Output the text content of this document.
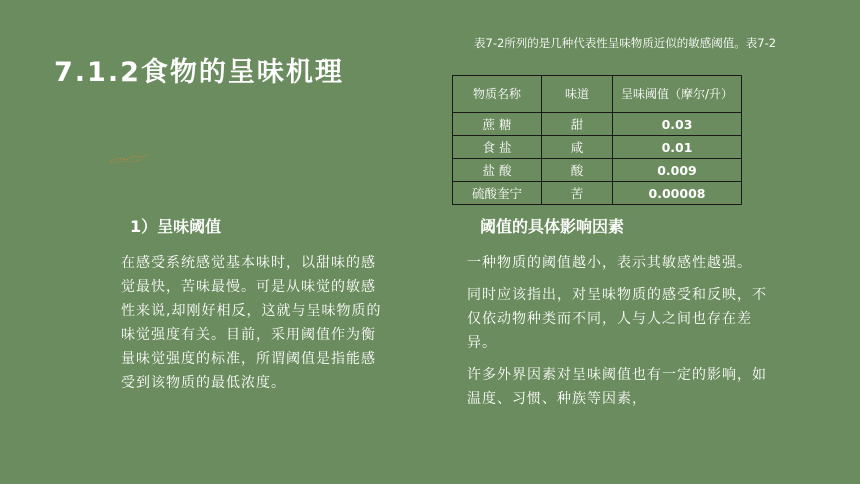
7.1.2食物的呈味机理
表7-2所列的是几种代表性呈味物质近似的敏感阈值。表7-2
物质名称	味道	呈味阈值（摩尔/升）
蔗 糖	甜	0.03
食 盐	咸	0.01
盐 酸	酸	0.009
硫酸奎宁	苦	0.00008
1）呈味阈值

在感受系统感觉基本味时，以甜味的感觉最快，苦味最慢。可是从味觉的敏感性来说,却刚好相反，这就与呈味物质的味觉强度有关。目前，采用阈值作为衡量味觉强度的标准，所谓阈值是指能感受到该物质的最低浓度。

阈值的具体影响因素

一种物质的阈值越小，表示其敏感性越强。

同时应该指出，对呈味物质的感受和反映，不仅依动物种类而不同，人与人之间也存在差异。

许多外界因素对呈味阈值也有一定的影响，如温度、习惯、种族等因素，
